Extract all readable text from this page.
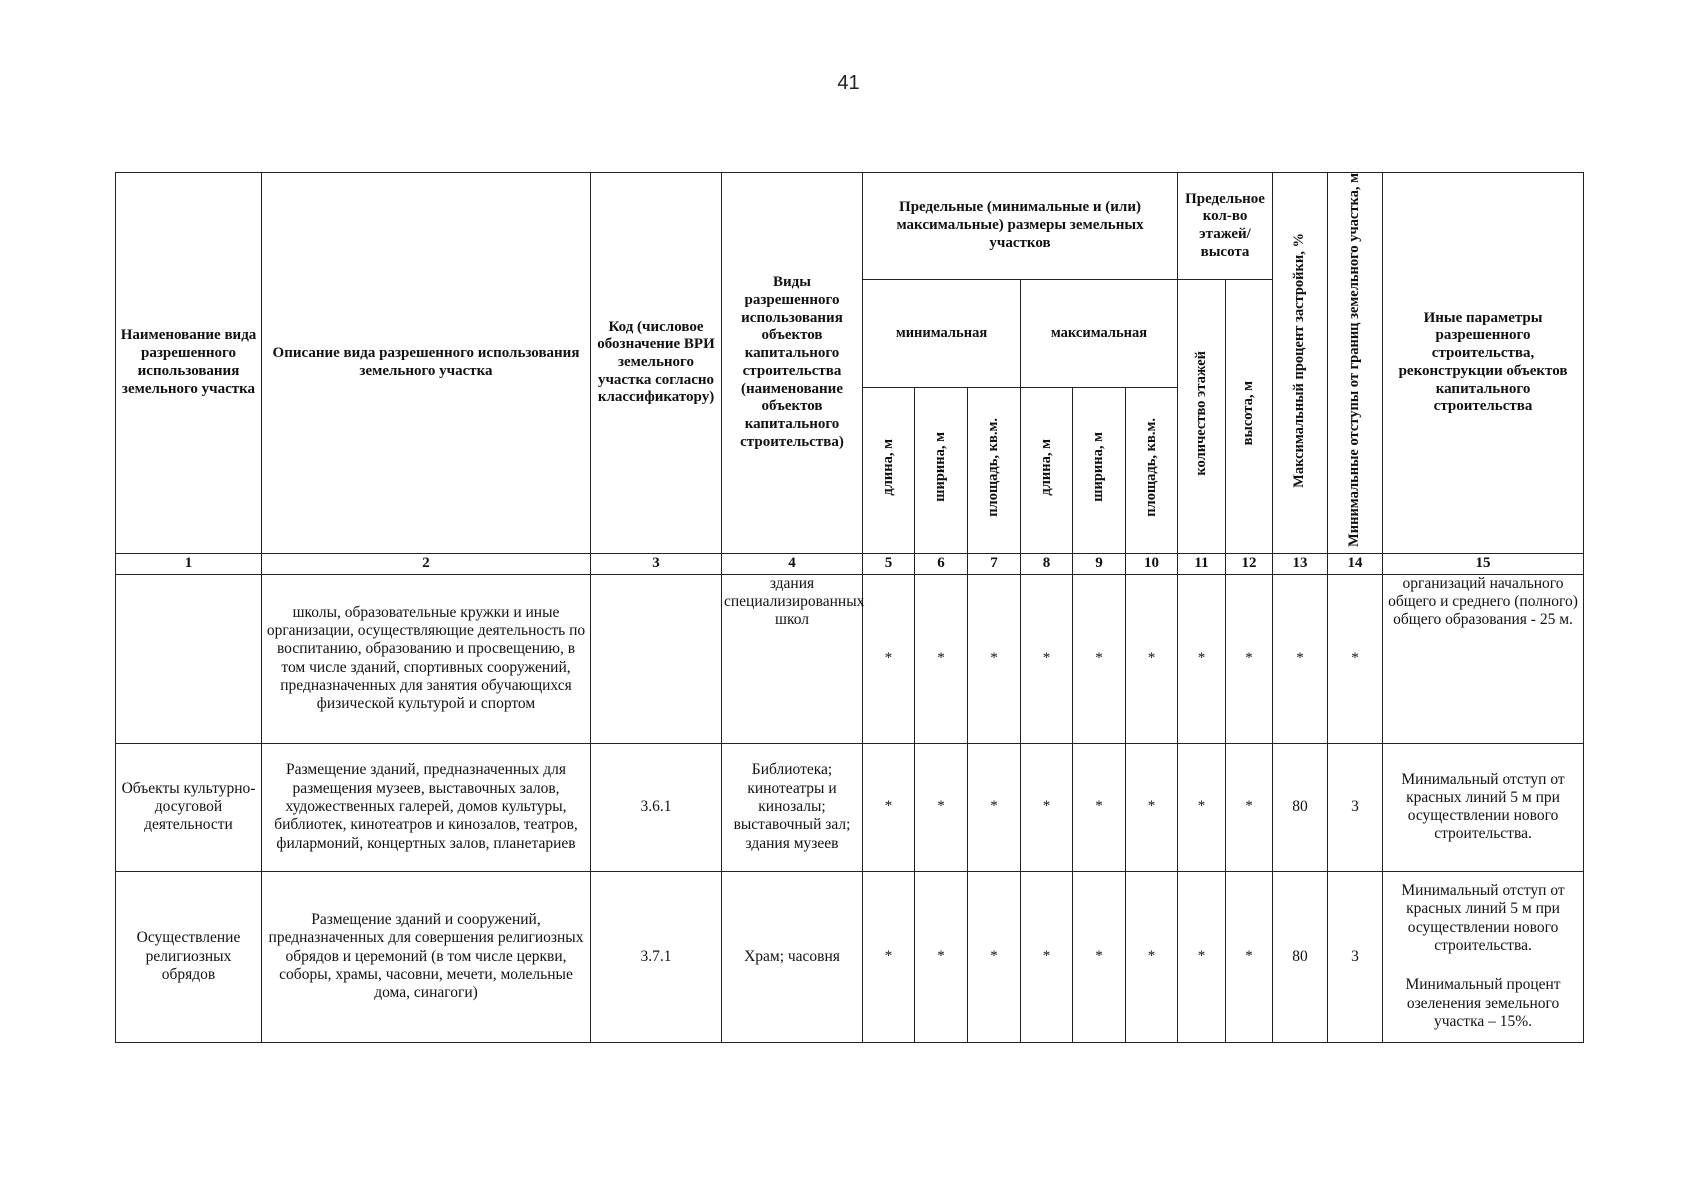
41
Наименование вида разрешенного использования земельного участка	Описание вида разрешенного использования земельного участка	Код (числовое обозначение ВРИ земельного участка согласно классификатору)	Виды разрешенного использования объектов капитального строительства (наименование объектов капитального строительства)	Предельные (минимальные и (или) максимальные) размеры земельных участков						Предельное кол-во этажей/ высота		Максимальный процент застройки, %	Минимальные отступы от границ земельного участка, м	Иные параметры разрешенного строительства, реконструкции объектов капитального строительства
				минимальная			максимальная			количество этажей	высота, м			
				длина, м	ширина, м	площадь, кв.м.	длина, м	ширина, м	площадь, кв.м.					
1	2	3	4	5	6	7	8	9	10	11	12	13	14	15
	школы, образовательные кружки и иные организации, осуществляющие деятельность по воспитанию, образованию и просвещению, в том числе зданий, спортивных сооружений, предназначенных для занятия обучающихся физической культурой и спортом		здания специализированных школ	*	*	*	*	*	*	*	*	*	*	организаций начального общего и среднего (полного) общего образования - 25 м.

Объекты культурно-досуговой деятельности	Размещение зданий, предназначенных для размещения музеев, выставочных залов, художественных галерей, домов культуры, библиотек, кинотеатров и кинозалов, театров, филармоний, концертных залов, планетариев	3.6.1	Библиотека; кинотеатры и кинозалы; выставочный зал; здания музеев	*	*	*	*	*	*	*	*	80	3	Минимальный отступ от красных линий 5 м при осуществлении нового строительства.

Осуществление религиозных обрядов	Размещение зданий и сооружений, предназначенных для совершения религиозных обрядов и церемоний (в том числе церкви, соборы, храмы, часовни, мечети, молельные дома, синагоги)	3.7.1	Храм; часовня	*	*	*	*	*	*	*	*	80	3	Минимальный отступ от красных линий 5 м при осуществлении нового строительства.

Минимальный процент озеленения земельного участка – 15%.
